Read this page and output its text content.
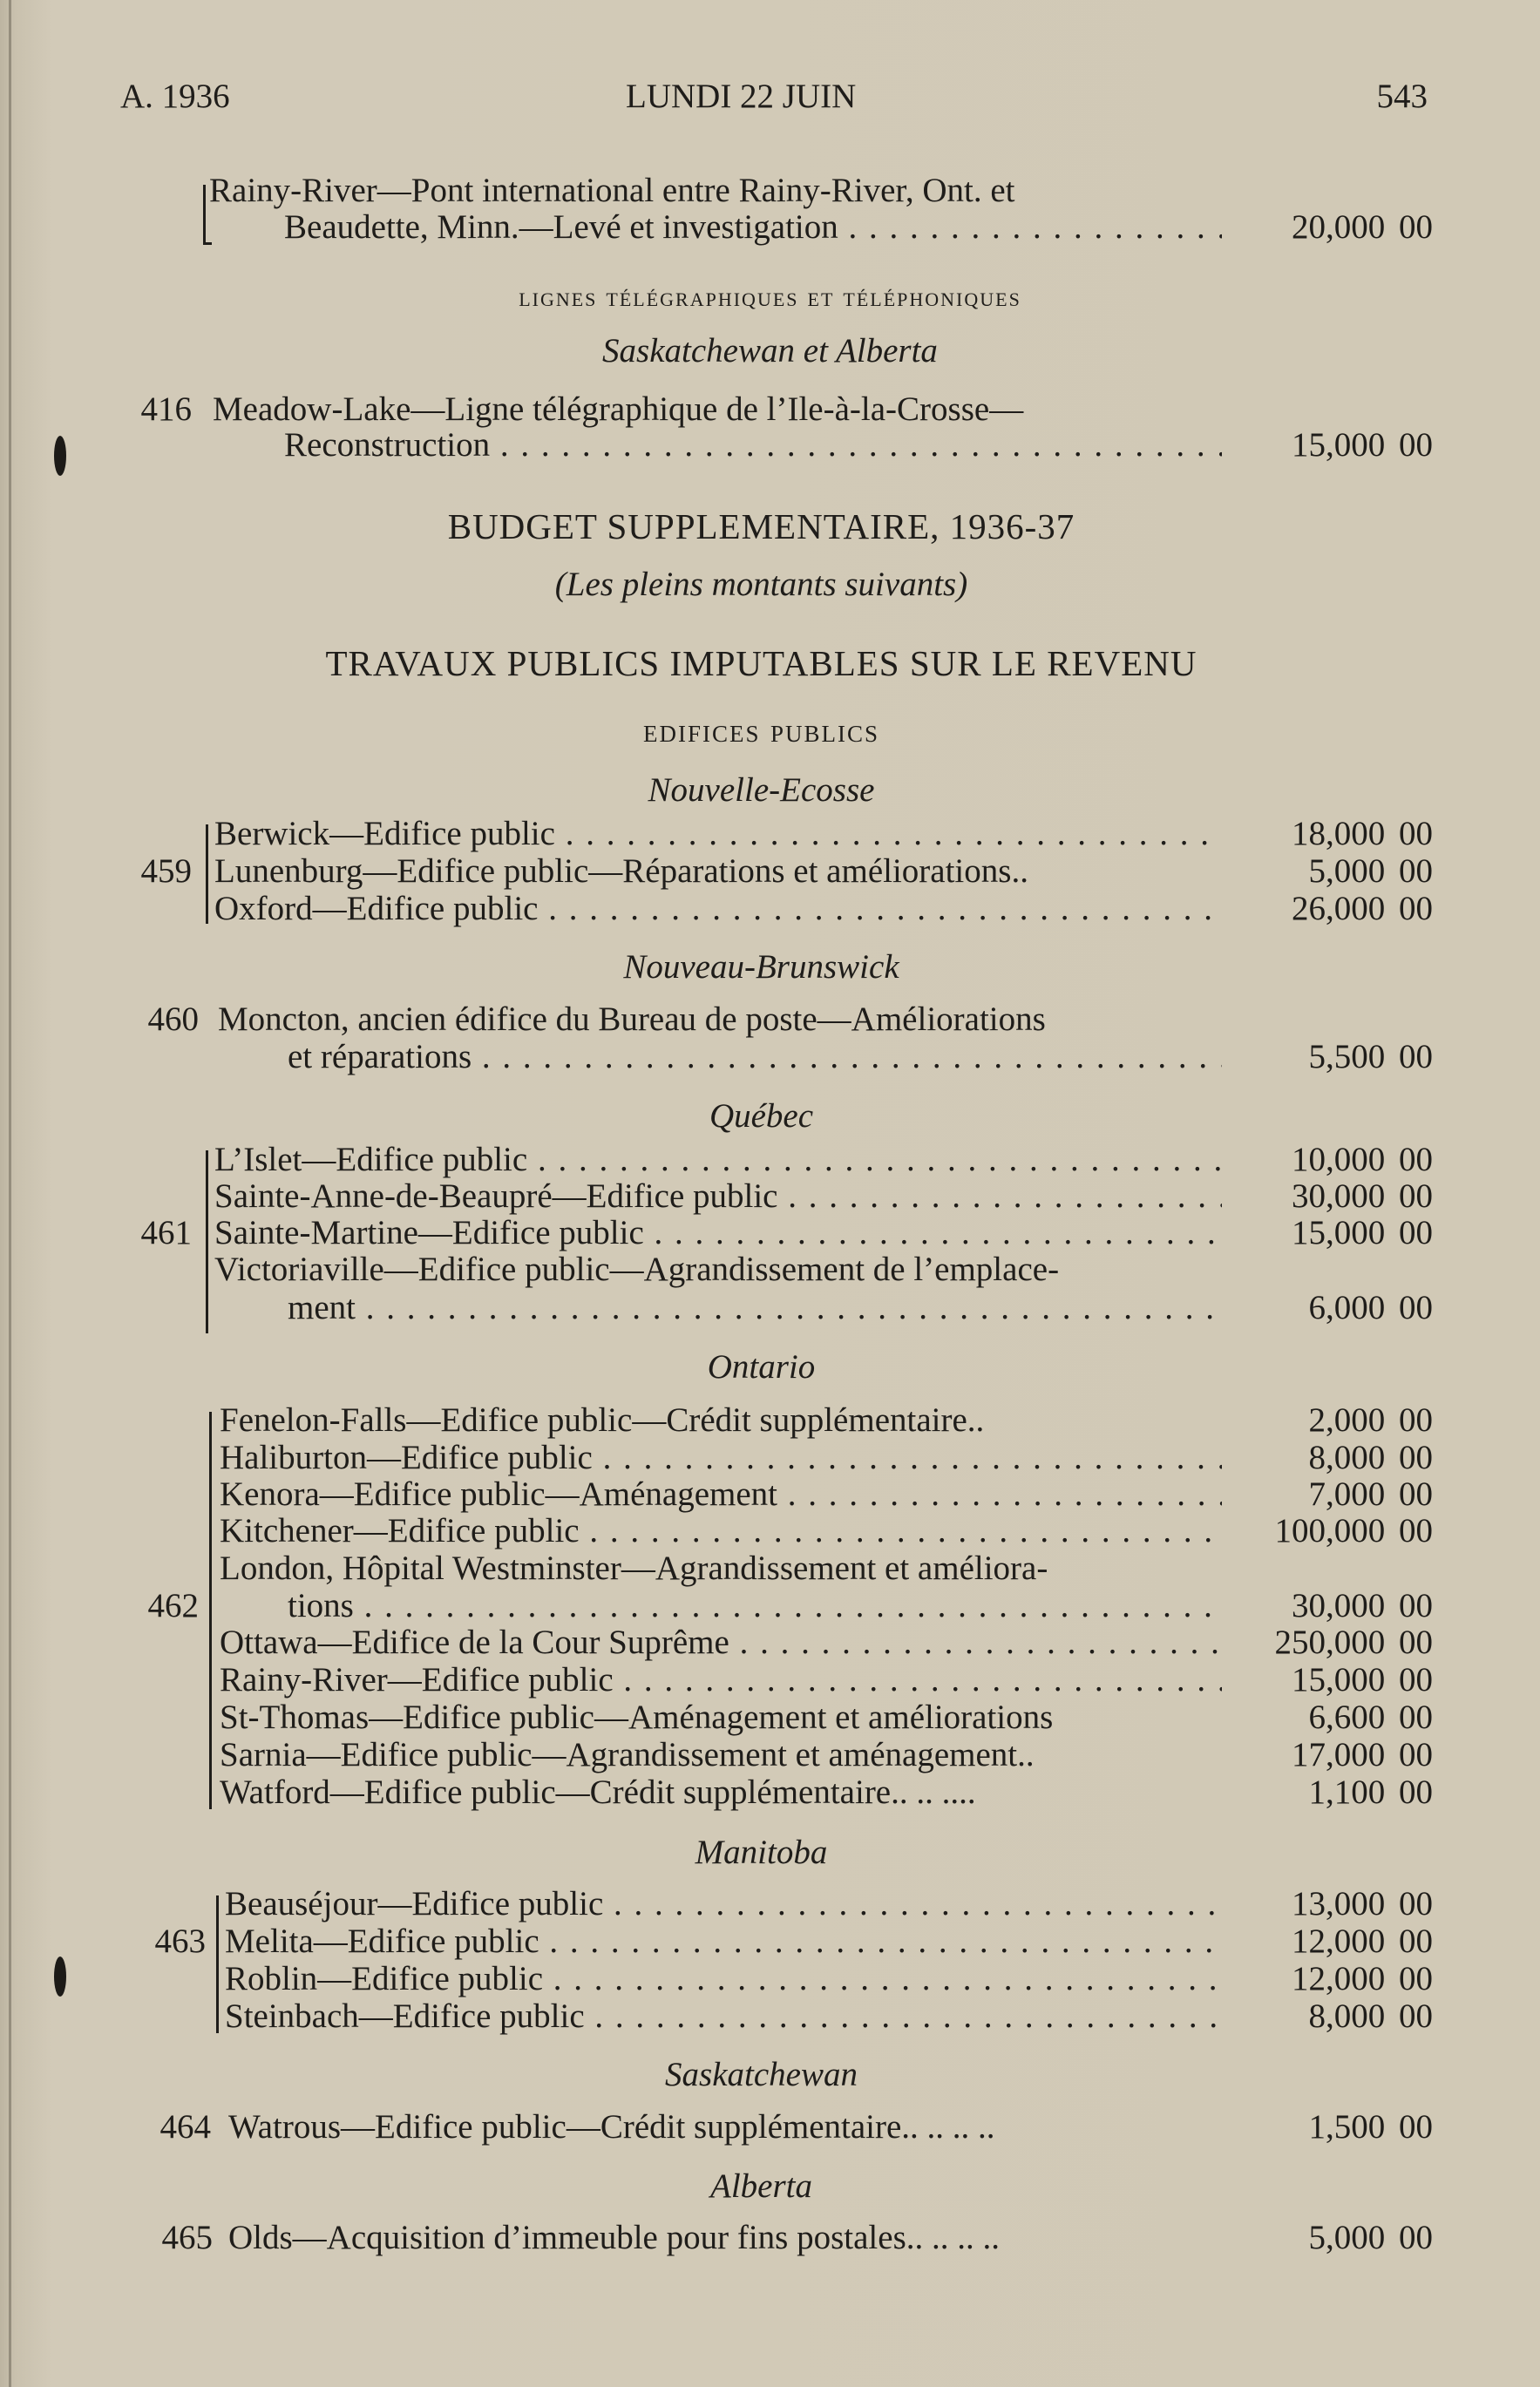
A. 1936	LUNDI 22 JUIN	543
Rainy-River—Pont international entre Rainy-River, Ont. et
Beaudette, Minn.—Levé et investigation . . .	20,000 00
lignes télégraphiques et téléphoniques
Saskatchewan et Alberta
416 Meadow-Lake—Ligne télégraphique de l’Ile-à-la-Crosse—
Reconstruction . . .	15,000 00
BUDGET SUPPLEMENTAIRE, 1936-37
(Les pleins montants suivants)
TRAVAUX PUBLICS IMPUTABLES SUR LE REVENU
edifices publics
Nouvelle-Ecosse
Berwick—Edifice public . . .	18,000 00
459 Lunenburg—Edifice public—Réparations et améliorations..	5,000 00
Oxford—Edifice public . . .	26,000 00
Nouveau-Brunswick
460 Moncton, ancien édifice du Bureau de poste—Améliorations
et réparations . . .	5,500 00
Québec
L’Islet—Edifice public . . .	10,000 00
Sainte-Anne-de-Beaupré—Edifice public . . .	30,000 00
461 Sainte-Martine—Edifice public . . .	15,000 00
Victoriaville—Edifice public—Agrandissement de l’emplace-
ment . . .	6,000 00
Ontario
Fenelon-Falls—Edifice public—Crédit supplémentaire..	2,000 00
Haliburton—Edifice public . . .	8,000 00
Kenora—Edifice public—Aménagement . . .	7,000 00
Kitchener—Edifice public . . .	100,000 00
London, Hôpital Westminster—Agrandissement et améliora-
462	tions . . .	30,000 00
Ottawa—Edifice de la Cour Suprême . . .	250,000 00
Rainy-River—Edifice public . . .	15,000 00
St-Thomas—Edifice public—Aménagement et améliorations	6,600 00
Sarnia—Edifice public—Agrandissement et aménagement..	17,000 00
Watford—Edifice public—Crédit supplémentaire.. .. ....	1,100 00
Manitoba
Beauséjour—Edifice public . . .	13,000 00
463 Melita—Edifice public . . .	12,000 00
Roblin—Edifice public . . .	12,000 00
Steinbach—Edifice public . . .	8,000 00
Saskatchewan
464 Watrous—Edifice public—Crédit supplémentaire.. .. .. ..	1,500 00
Alberta
465 Olds—Acquisition d’immeuble pour fins postales.. .. .. ..	5,000 00
